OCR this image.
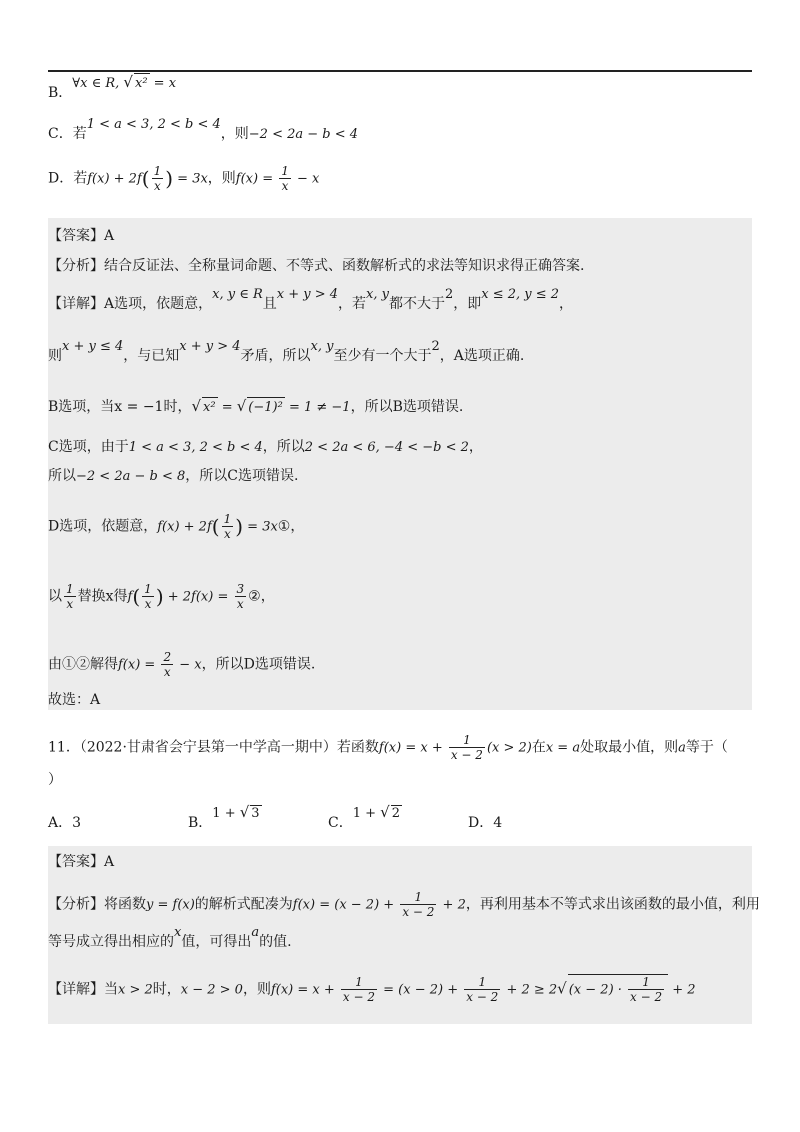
B．∀x ∈ R, √ x² = x
C．若1 < a < 3, 2 < b < 4，则−2 < 2a − b < 4
D．若$f(x) + 2f( \frac{1}{x}$ ) = 3x，则$f(x) = \frac{1}{x} - x$
【答案】A
【分析】结合反证法、全称量词命题、不等式、函数解析式的求法等知识求得正确答案.
【详解】A选项，依题意，x, y ∈ R且x + y > 4，若x, y都不大于2，即x ≤ 2, y ≤ 2，
则x + y ≤ 4，与已知x + y > 4矛盾，所以x, y至少有一个大于2，A选项正确.
B选项，当x = −1时，√ x² = √ (−1)² = 1 ≠ −1，所以B选项错误.
C选项，由于1 < a < 3, 2 < b < 4，所以2 < 2a < 6, −4 < −b < 2，
所以−2 < 2a − b < 8，所以C选项错误.
D选项，依题意，$f(x) + 2f( \frac{1}{x}$ ) = 3x①，
以 $\frac{1}{x}$ 替换x得$f( \frac{1}{x}$ ) + $2f(x) = \frac{3}{x}$ ②，
由①②解得$f(x) = \frac{2}{x} - x$，所以D选项错误.
故选：A
11．（2022·甘肃省会宁县第一中学高一期中）若函数$f(x) = x + \frac{1}{x - 2} (x > 2)$在x = a处取最小值，则a等于（
）
A．3	B．1 + √ 3
C．1 + √ 2
D．4
【答案】A
【分析】将函数y = f(x)的解析式配凑为$f(x) = (x - 2) + \frac{1}{x - 2} + 2$，再利用基本不等式求出该函数的最小值，利用
等号成立得出相应的x值，可得出a的值.
【详解】当x > 2时，x − 2 > 0，则$f(x) = x + \frac{1}{x - 2} = (x - 2) + \frac{1}{x - 2} + 2 \ge 2√$ $(x - 2) \cdot \frac{1}{x - 2} + 2$
